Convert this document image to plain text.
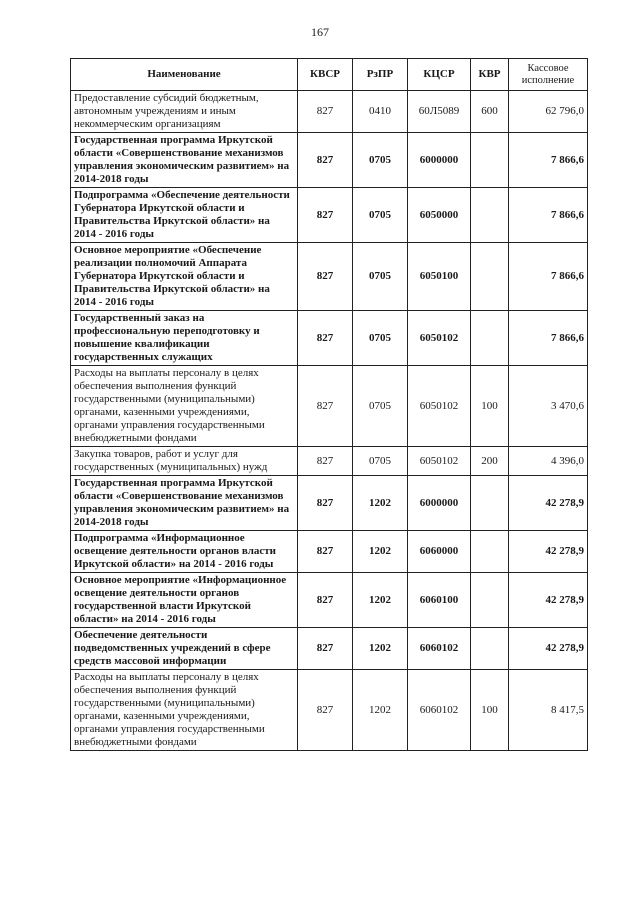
167
Наименование	КВСР	РзПР	КЦСР	КВР	Кассовое исполнение
Предоставление субсидий бюджетным, автономным учреждениям и иным некоммерческим организациям	827	0410	60Л5089	600	62 796,0
Государственная программа Иркутской области «Совершенствование механизмов управления экономическим развитием» на 2014-2018 годы	827	0705	6000000		7 866,6
Подпрограмма «Обеспечение деятельности Губернатора Иркутской области и Правительства Иркутской области» на 2014 - 2016 годы	827	0705	6050000		7 866,6
Основное мероприятие «Обеспечение реализации полномочий Аппарата Губернатора Иркутской области и Правительства Иркутской области» на 2014 - 2016 годы	827	0705	6050100		7 866,6
Государственный заказ на профессиональную переподготовку и повышение квалификации государственных служащих	827	0705	6050102		7 866,6
Расходы на выплаты персоналу в целях обеспечения выполнения функций государственными (муниципальными) органами, казенными учреждениями, органами управления государственными внебюджетными фондами	827	0705	6050102	100	3 470,6
Закупка товаров, работ и услуг для государственных (муниципальных) нужд	827	0705	6050102	200	4 396,0
Государственная программа Иркутской области «Совершенствование механизмов управления экономическим развитием» на 2014-2018 годы	827	1202	6000000		42 278,9
Подпрограмма «Информационное освещение деятельности органов власти Иркутской области» на 2014 - 2016 годы	827	1202	6060000		42 278,9
Основное мероприятие «Информационное освещение деятельности органов государственной власти Иркутской области» на 2014 - 2016 годы	827	1202	6060100		42 278,9
Обеспечение деятельности подведомственных учреждений в сфере средств массовой информации	827	1202	6060102		42 278,9
Расходы на выплаты персоналу в целях обеспечения выполнения функций государственными (муниципальными) органами, казенными учреждениями, органами управления государственными внебюджетными фондами	827	1202	6060102	100	8 417,5
